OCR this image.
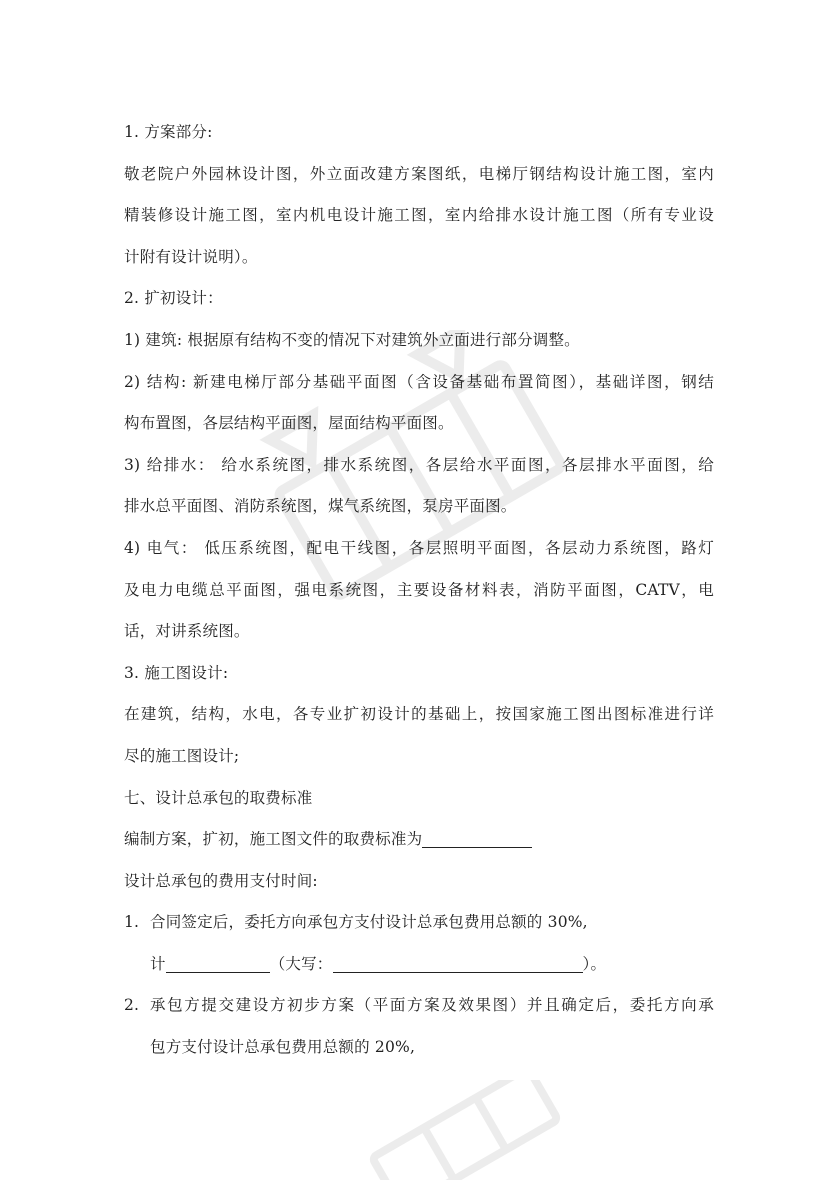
1. 方案部分:
敬老院户外园林设计图，外立面改建方案图纸，电梯厅钢结构设计施工图，室内
精装修设计施工图，室内机电设计施工图，室内给排水设计施工图（所有专业设
计附有设计说明）。
2. 扩初设计：
1) 建筑: 根据原有结构不变的情况下对建筑外立面进行部分调整。
2) 结构: 新建电梯厅部分基础平面图（含设备基础布置简图），基础详图，钢结
构布置图，各层结构平面图，屋面结构平面图。
3) 给排水： 给水系统图，排水系统图，各层给水平面图，各层排水平面图，给
排水总平面图、消防系统图，煤气系统图，泵房平面图。
4) 电气： 低压系统图，配电干线图，各层照明平面图，各层动力系统图，路灯
及电力电缆总平面图，强电系统图，主要设备材料表，消防平面图，CATV，电
话，对讲系统图。
3. 施工图设计:
在建筑，结构，水电，各专业扩初设计的基础上，按国家施工图出图标准进行详
尽的施工图设计;
七、设计总承包的取费标准
编制方案，扩初，施工图文件的取费标准为
设计总承包的费用支付时间:
1. 合同签定后，委托方向承包方支付设计总承包费用总额的 30%,
计	（大写：	）。
2. 承包方提交建设方初步方案（平面方案及效果图）并且确定后，委托方向承
包方支付设计总承包费用总额的 20%,
